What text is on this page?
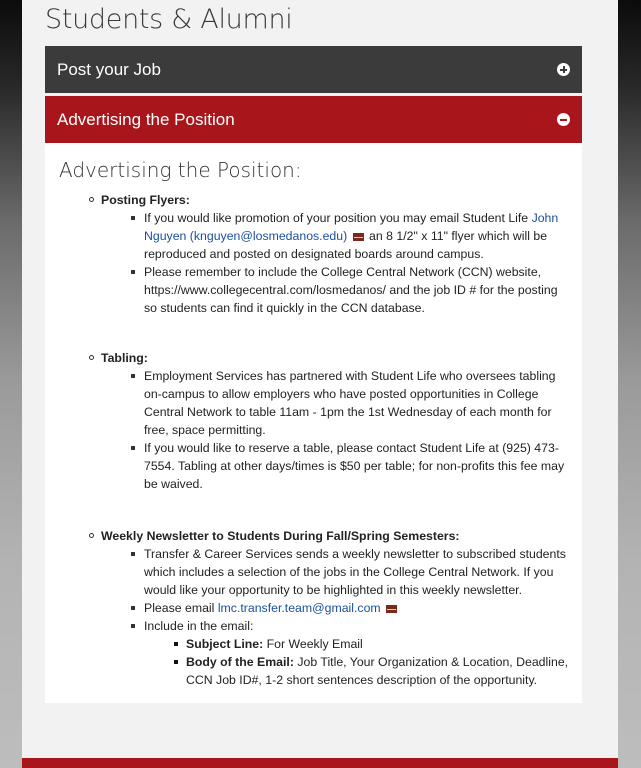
Students & Alumni
Post your Job
Advertising the Position
Advertising the Position:
Posting Flyers:
If you would like promotion of your position you may email Student Life John Nguyen (knguyen@losmedanos.edu)  an 8 1/2" x 11" flyer which will be reproduced and posted on designated boards around campus.
Please remember to include the College Central Network (CCN) website, https://www.collegecentral.com/losmedanos/ and the job ID # for the posting so students can find it quickly in the CCN database.
Tabling:
Employment Services has partnered with Student Life who oversees tabling on-campus to allow employers who have posted opportunities in College Central Network to table 11am - 1pm the 1st Wednesday of each month for free, space permitting.
If you would like to reserve a table, please contact Student Life at (925) 473-7554. Tabling at other days/times is $50 per table; for non-profits this fee may be waived.
Weekly Newsletter to Students During Fall/Spring Semesters:
Transfer & Career Services sends a weekly newsletter to subscribed students which includes a selection of the jobs in the College Central Network. If you would like your opportunity to be highlighted in this weekly newsletter.
Please email lmc.transfer.team@gmail.com
Include in the email:
Subject Line: For Weekly Email
Body of the Email: Job Title, Your Organization & Location, Deadline, CCN Job ID#, 1-2 short sentences description of the opportunity.
